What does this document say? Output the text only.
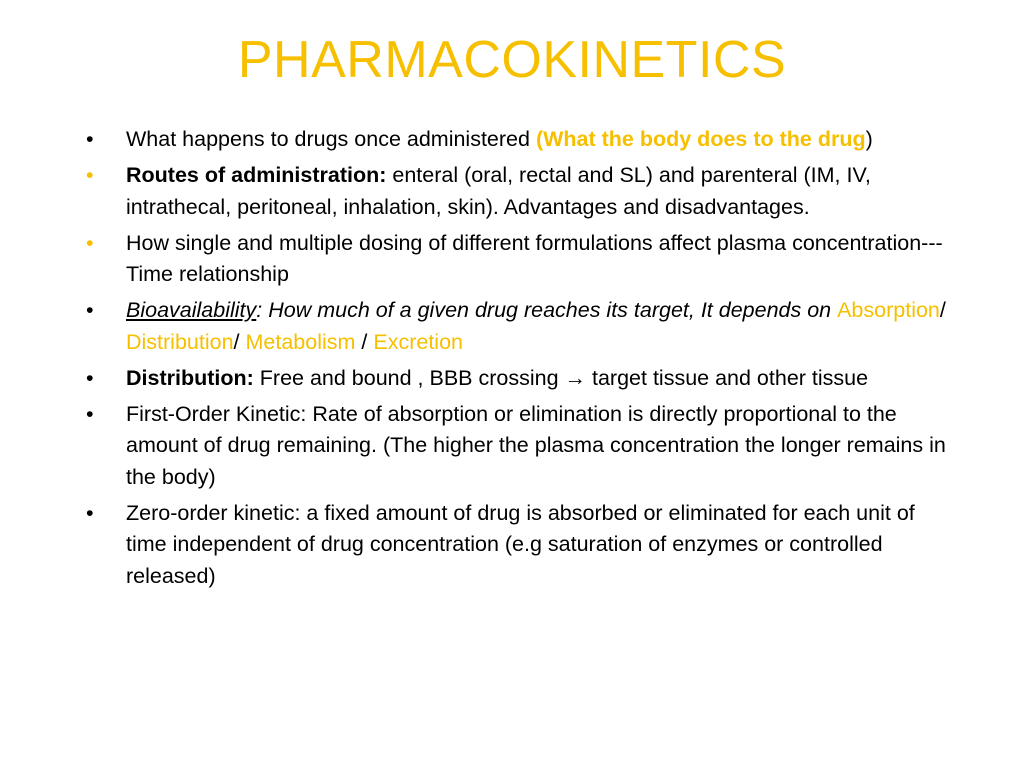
PHARMACOKINETICS
•	What happens to drugs once administered (What the body does to the drug)
•	Routes of administration: enteral (oral, rectal and SL) and parenteral (IM, IV, intrathecal, peritoneal, inhalation, skin). Advantages and disadvantages.
•	How single and multiple dosing of different formulations affect plasma concentration---Time relationship
•	Bioavailability: How much of a given drug reaches its target, It depends on Absorption/ Distribution/ Metabolism / Excretion
•	Distribution: Free and bound , BBB crossing → target tissue and other tissue
•	First-Order Kinetic: Rate of absorption or elimination is directly proportional to the amount of drug remaining. (The higher the plasma concentration the longer remains in the body)
•	Zero-order kinetic: a fixed amount of drug is absorbed or eliminated for each unit of time independent of drug concentration (e.g saturation of enzymes or controlled released)
